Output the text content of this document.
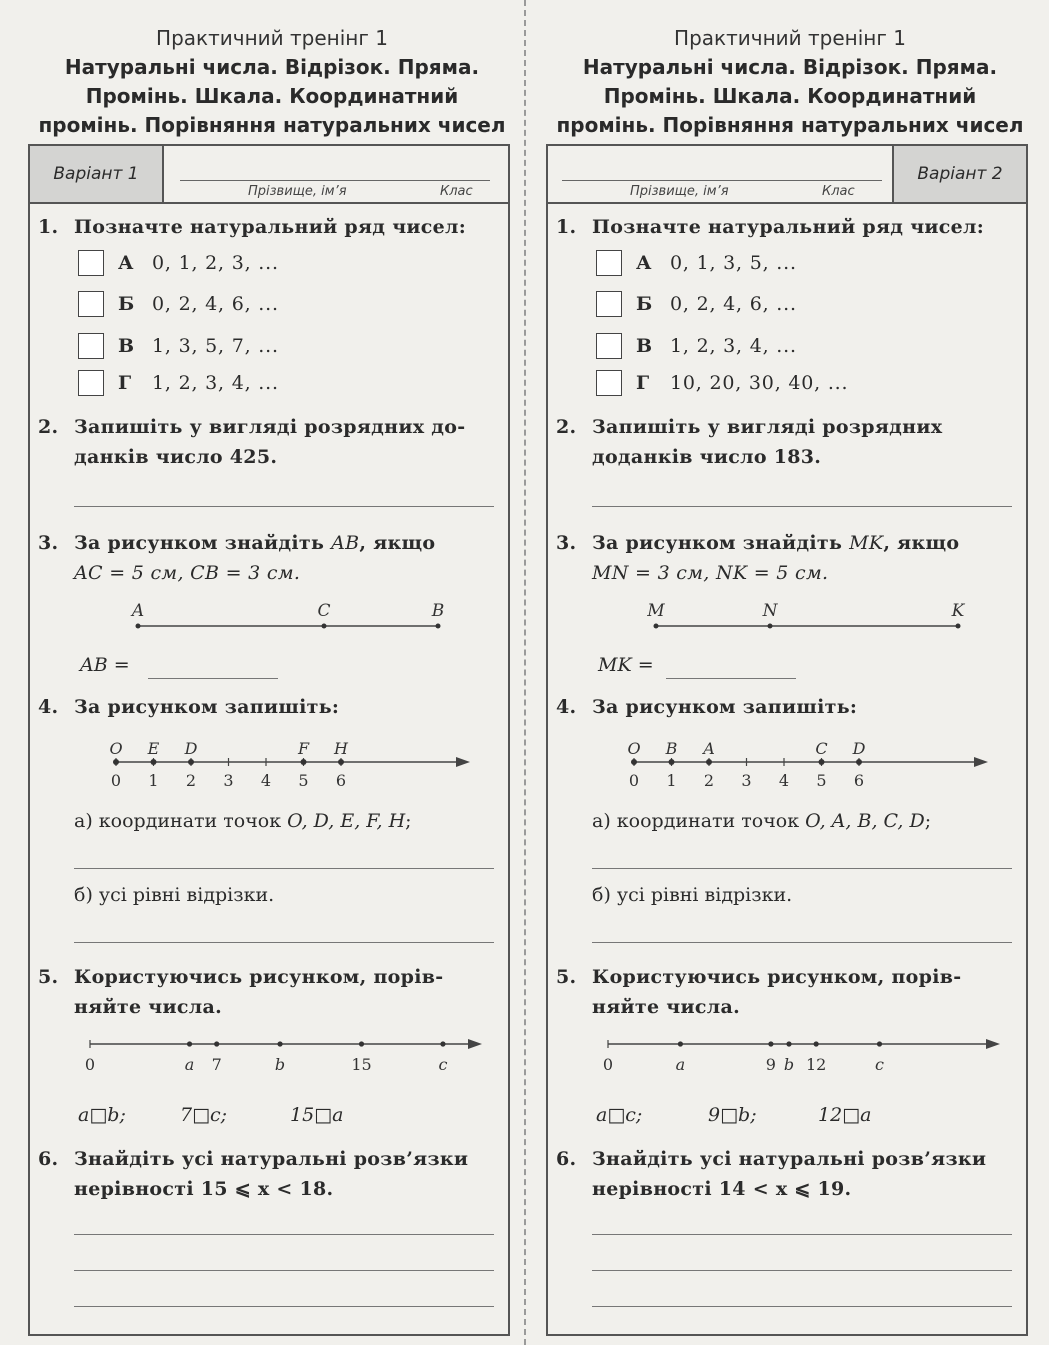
Практичний тренінг 1
Натуральні числа. Відрізок. Пряма.
Промінь. Шкала. Координатний
промінь. Порівняння натуральних чисел
Варіант 1
Прізвище, ім’я	Клас
1. Позначте натуральний ряд чисел:
А 0, 1, 2, 3, ...
Б 0, 2, 4, 6, ...
В 1, 3, 5, 7, ...
Г	1, 2, 3, 4, ...
2. Запишіть у вигляді розрядних до-
данків число 425.
3. За рисунком знайдіть AB, якщо
AC = 5 см, CB = 3 см.
A	C	B
AB =
4. За рисунком запишіть:
0 1 2 3 4 5 6
O E D	F H
а) координати точок O, D, E, F, H;
б) усі рівні відрізки.
5. Користуючись рисунком, порів-
няйте числа.
0	a 7	b	15	c
a□b;	7□c;	15□a
6. Знайдіть усі натуральні розв’язки
нерівності 15 ⩽ x < 18.
Практичний тренінг 1
Натуральні числа. Відрізок. Пряма.
Промінь. Шкала. Координатний
промінь. Порівняння натуральних чисел
Варіант 2
Прізвище, ім’я	Клас
1. Позначте натуральний ряд чисел:
А 0, 1, 3, 5, ...
Б 0, 2, 4, 6, ...
В 1, 2, 3, 4, ...
Г	10, 20, 30, 40, ...
2. Запишіть у вигляді розрядних
доданків число 183.
3. За рисунком знайдіть MK, якщо
MN = 3 см, NK = 5 см.
M	N	K
MK =
4. За рисунком запишіть:
0 1 2 3 4 5 6
O B A	C D
а) координати точок O, A, B, C, D;
б) усі рівні відрізки.
5. Користуючись рисунком, порів-
няйте числа.
0	a	9 b 12	c
a□c;	9□b;	12□a
6. Знайдіть усі натуральні розв’язки
нерівності 14 < x ⩽ 19.
